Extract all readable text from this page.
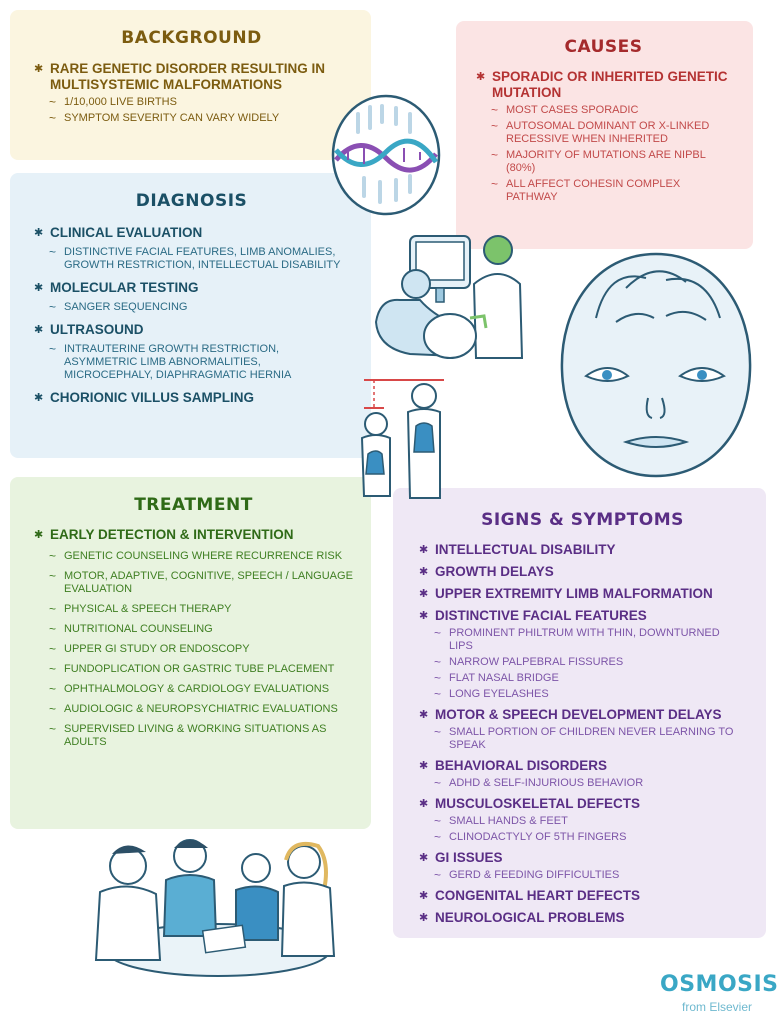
BACKGROUND
✱ RARE GENETIC DISORDER RESULTING IN MULTISYSTEMIC MALFORMATIONS
~ 1/10,000 LIVE BIRTHS
~ SYMPTOM SEVERITY CAN VARY WIDELY
CAUSES
✱ SPORADIC OR INHERITED GENETIC MUTATION
~ MOST CASES SPORADIC
~ AUTOSOMAL DOMINANT OR X-LINKED RECESSIVE WHEN INHERITED
~ MAJORITY OF MUTATIONS ARE NIPBL (80%)
~ ALL AFFECT COHESIN COMPLEX PATHWAY
DIAGNOSIS
✱ CLINICAL EVALUATION
~ DISTINCTIVE FACIAL FEATURES, LIMB ANOMALIES, GROWTH RESTRICTION, INTELLECTUAL DISABILITY
✱ MOLECULAR TESTING
~ SANGER SEQUENCING
✱ ULTRASOUND
~ INTRAUTERINE GROWTH RESTRICTION, ASYMMETRIC LIMB ABNORMALITIES, MICROCEPHALY, DIAPHRAGMATIC HERNIA
✱ CHORIONIC VILLUS SAMPLING
TREATMENT
✱ EARLY DETECTION & INTERVENTION
~ GENETIC COUNSELING WHERE RECURRENCE RISK
~ MOTOR, ADAPTIVE, COGNITIVE, SPEECH / LANGUAGE EVALUATION
~ PHYSICAL & SPEECH THERAPY
~ NUTRITIONAL COUNSELING
~ UPPER GI STUDY OR ENDOSCOPY
~ FUNDOPLICATION OR GASTRIC TUBE PLACEMENT
~ OPHTHALMOLOGY & CARDIOLOGY EVALUATIONS
~ AUDIOLOGIC & NEUROPSYCHIATRIC EVALUATIONS
~ SUPERVISED LIVING & WORKING SITUATIONS AS ADULTS
SIGNS & SYMPTOMS
✱ INTELLECTUAL DISABILITY
✱ GROWTH DELAYS
✱ UPPER EXTREMITY LIMB MALFORMATION
✱ DISTINCTIVE FACIAL FEATURES
~ PROMINENT PHILTRUM WITH THIN, DOWNTURNED LIPS
~ NARROW PALPEBRAL FISSURES
~ FLAT NASAL BRIDGE
~ LONG EYELASHES
✱ MOTOR & SPEECH DEVELOPMENT DELAYS
~ SMALL PORTION OF CHILDREN NEVER LEARNING TO SPEAK
✱ BEHAVIORAL DISORDERS
~ ADHD & SELF-INJURIOUS BEHAVIOR
✱ MUSCULOSKELETAL DEFECTS
~ SMALL HANDS & FEET
~ CLINODACTYLY OF 5TH FINGERS
✱ GI ISSUES
~ GERD & FEEDING DIFFICULTIES
✱ CONGENITAL HEART DEFECTS
✱ NEUROLOGICAL PROBLEMS
OSMOSIS
from Elsevier
